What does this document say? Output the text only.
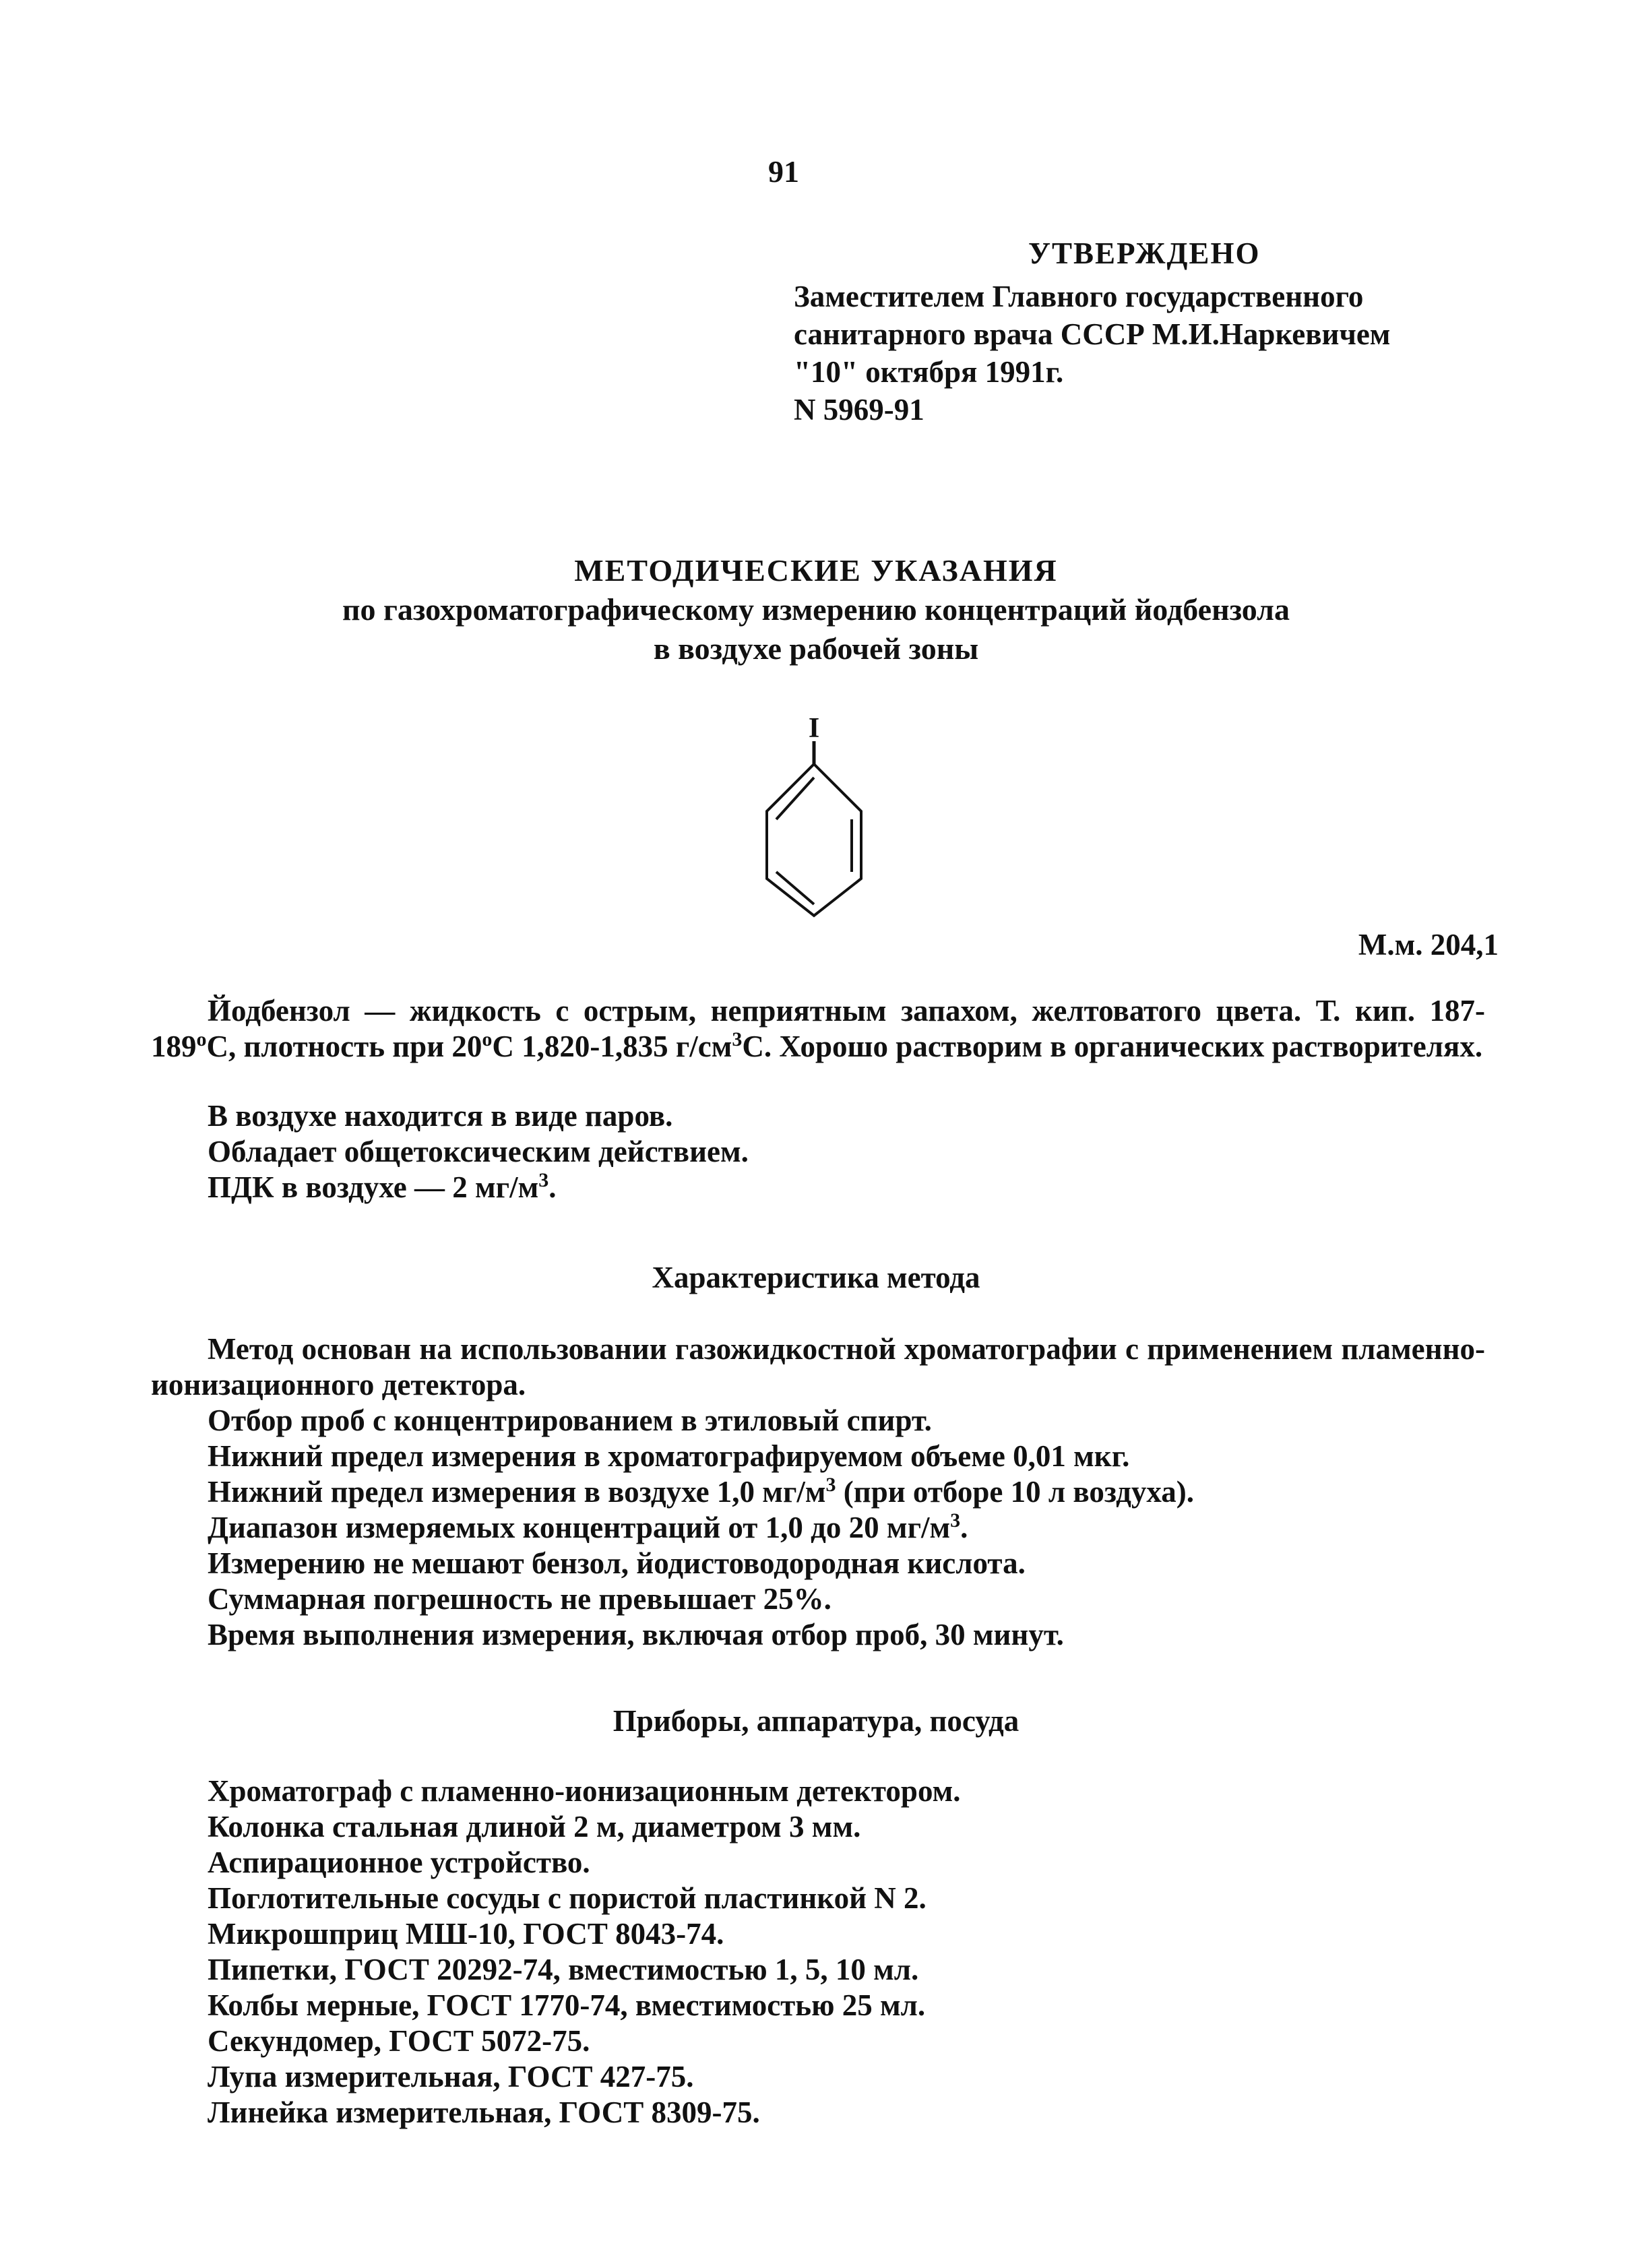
91
УТВЕРЖДЕНО
Заместителем Главного государственного
санитарного врача СССР М.И.Наркевичем
"10" октября 1991г.
N 5969-91
МЕТОДИЧЕСКИЕ УКАЗАНИЯ
по газохроматографическому измерению концентраций йодбензола
в воздухе рабочей зоны
I
М.м. 204,1
Йодбензол — жидкость с острым, неприятным запахом, желтоватого цвета. Т. кип. $187-189^оС$, плотность при $20^оС$ 1,820-1,835 $г/см^3С$. Хорошо растворим в органических растворителях.
В воздухе находится в виде паров.
Обладает общетоксическим действием.
ПДК в воздухе — 2 $мг/м^3$.
Характеристика метода
Метод основан на использовании газожидкостной хроматографии с применением пламенно-ионизационного детектора.
Отбор проб с концентрированием в этиловый спирт.
Нижний предел измерения в хроматографируемом объеме 0,01 мкг.
Нижний предел измерения в воздухе 1,0 $мг/м^3$ (при отборе 10 л воздуха).
Диапазон измеряемых концентраций от 1,0 до 20 $мг/м^3$.
Измерению не мешают бензол, йодистоводородная кислота.
Суммарная погрешность не превышает 25%.
Время выполнения измерения, включая отбор проб, 30 минут.
Приборы, аппаратура, посуда
Хроматограф с пламенно-ионизационным детектором.
Колонка стальная длиной 2 м, диаметром 3 мм.
Аспирационное устройство.
Поглотительные сосуды с пористой пластинкой N 2.
Микрошприц МШ-10, ГОСТ 8043-74.
Пипетки, ГОСТ 20292-74, вместимостью 1, 5, 10 мл.
Колбы мерные, ГОСТ 1770-74, вместимостью 25 мл.
Секундомер, ГОСТ 5072-75.
Лупа измерительная, ГОСТ 427-75.
Линейка измерительная, ГОСТ 8309-75.
